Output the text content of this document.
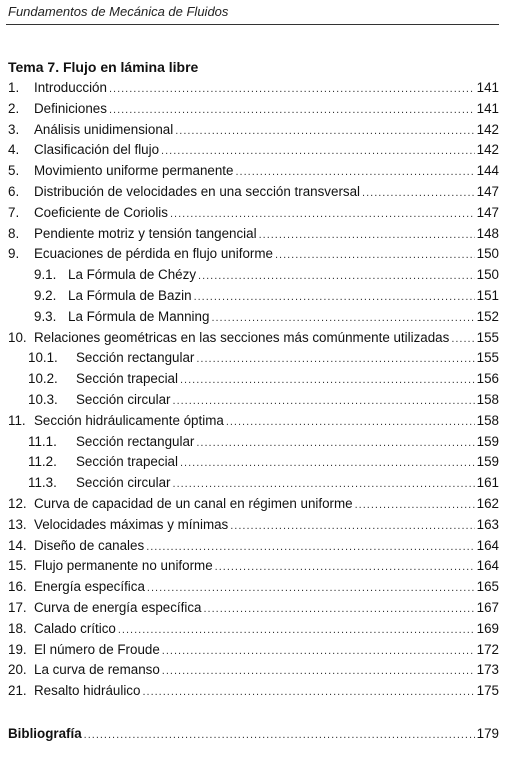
Fundamentos de Mecánica de Fluidos
Tema 7. Flujo en lámina libre
1.	Introducción .....	141
2.	Definiciones .....	141
3.	Análisis unidimensional .....	142
4.	Clasificación del flujo .....	142
5.	Movimiento uniforme permanente .....	144
6.	Distribución de velocidades en una sección transversal .....	147
7.	Coeficiente de Coriolis .....	147
8.	Pendiente motriz y tensión tangencial .....	148
9.	Ecuaciones de pérdida en flujo uniforme .....	150
9.1. La Fórmula de Chézy .....	150
9.2. La Fórmula de Bazin .....	151
9.3. La Fórmula de Manning .....	152
10. Relaciones geométricas en las secciones más comúnmente utilizadas ..... 155
10.1.	Sección rectangular .....	155
10.2.	Sección trapecial .....	156
10.3.	Sección circular .....	158
11. Sección hidráulicamente óptima .....	158
11.1.	Sección rectangular .....	159
11.2.	Sección trapecial .....	159
11.3.	Sección circular .....	161
12. Curva de capacidad de un canal en régimen uniforme .....	162
13. Velocidades máximas y mínimas .....	163
14. Diseño de canales .....	164
15. Flujo permanente no uniforme .....	164
16. Energía específica .....	165
17. Curva de energía específica .....	167
18. Calado crítico .....	169
19. El número de Froude .....	172
20. La curva de remanso .....	173
21. Resalto hidráulico .....	175
Bibliografía .....	179
